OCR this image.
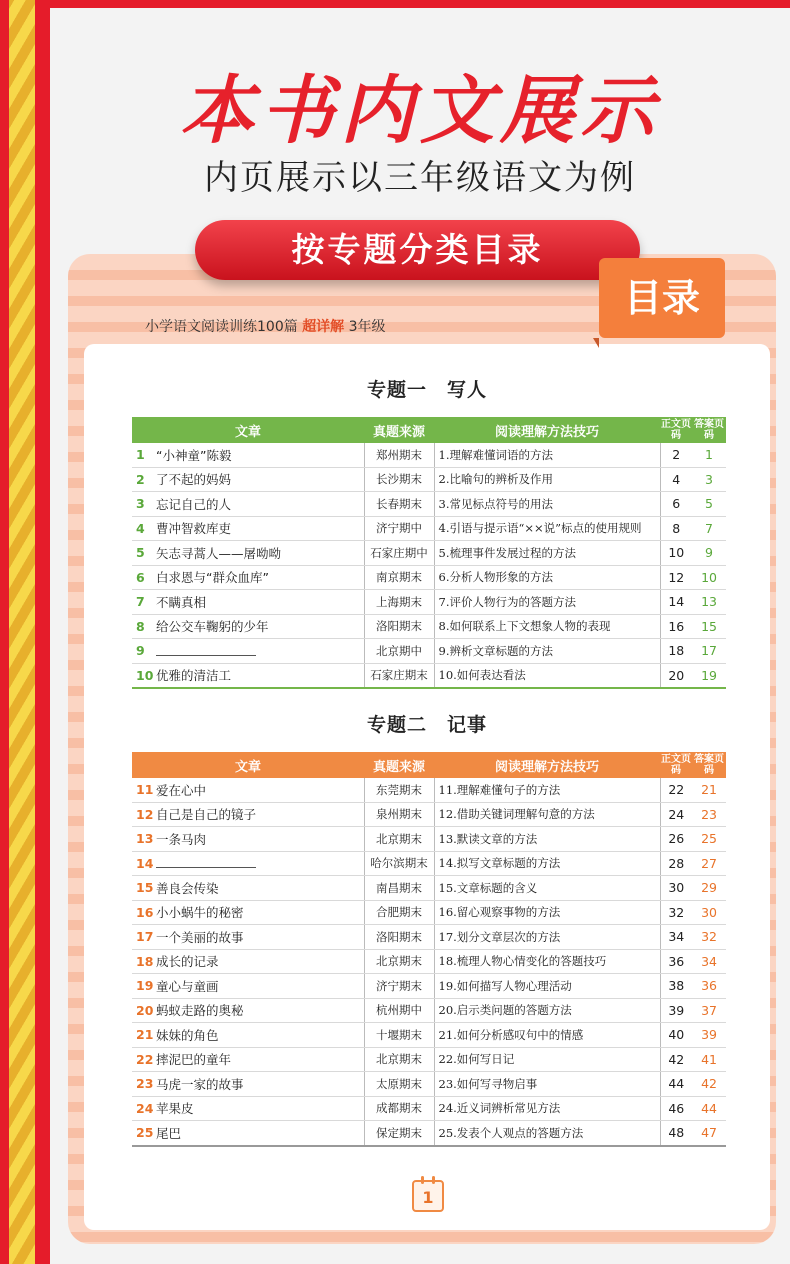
本书内文展示
内页展示以三年级语文为例
按专题分类目录
目录
小学语文阅读训练100篇 超详解 3年级
专题一　写人
文章		真题来源	阅读理解方法技巧	正文页码	答案页码
1	“小神童”陈毅	郑州期末	1.理解难懂词语的方法	2	1
2	了不起的妈妈	长沙期末	2.比喻句的辨析及作用	4	3
3	忘记自己的人	长春期末	3.常见标点符号的用法	6	5
4	曹冲智救库吏	济宁期中	4.引语与提示语“××说”标点的使用规则	8	7
5	矢志寻蒿人——屠呦呦	石家庄期中	5.梳理事件发展过程的方法	10	9
6	白求恩与“群众血库”	南京期末	6.分析人物形象的方法	12	10
7	不瞒真相	上海期末	7.评价人物行为的答题方法	14	13
8	给公交车鞠躬的少年	洛阳期末	8.如何联系上下文想象人物的表现	16	15
9		北京期中	9.辨析文章标题的方法	18	17
10	优雅的清洁工	石家庄期末	10.如何表达看法	20	19
专题二　记事
文章		真题来源	阅读理解方法技巧	正文页码	答案页码
11	爱在心中	东莞期末	11.理解难懂句子的方法	22	21
12	自己是自己的镜子	泉州期末	12.借助关键词理解句意的方法	24	23
13	一条马肉	北京期末	13.默读文章的方法	26	25
14		哈尔滨期末	14.拟写文章标题的方法	28	27
15	善良会传染	南昌期末	15.文章标题的含义	30	29
16	小小蜗牛的秘密	合肥期末	16.留心观察事物的方法	32	30
17	一个美丽的故事	洛阳期末	17.划分文章层次的方法	34	32
18	成长的记录	北京期末	18.梳理人物心情变化的答题技巧	36	34
19	童心与童画	济宁期末	19.如何描写人物心理活动	38	36
20	蚂蚁走路的奥秘	杭州期中	20.启示类问题的答题方法	39	37
21	妹妹的角色	十堰期末	21.如何分析感叹句中的情感	40	39
22	摔泥巴的童年	北京期末	22.如何写日记	42	41
23	马虎一家的故事	太原期末	23.如何写寻物启事	44	42
24	苹果皮	成都期末	24.近义词辨析常见方法	46	44
25	尾巴	保定期末	25.发表个人观点的答题方法	48	47
1
